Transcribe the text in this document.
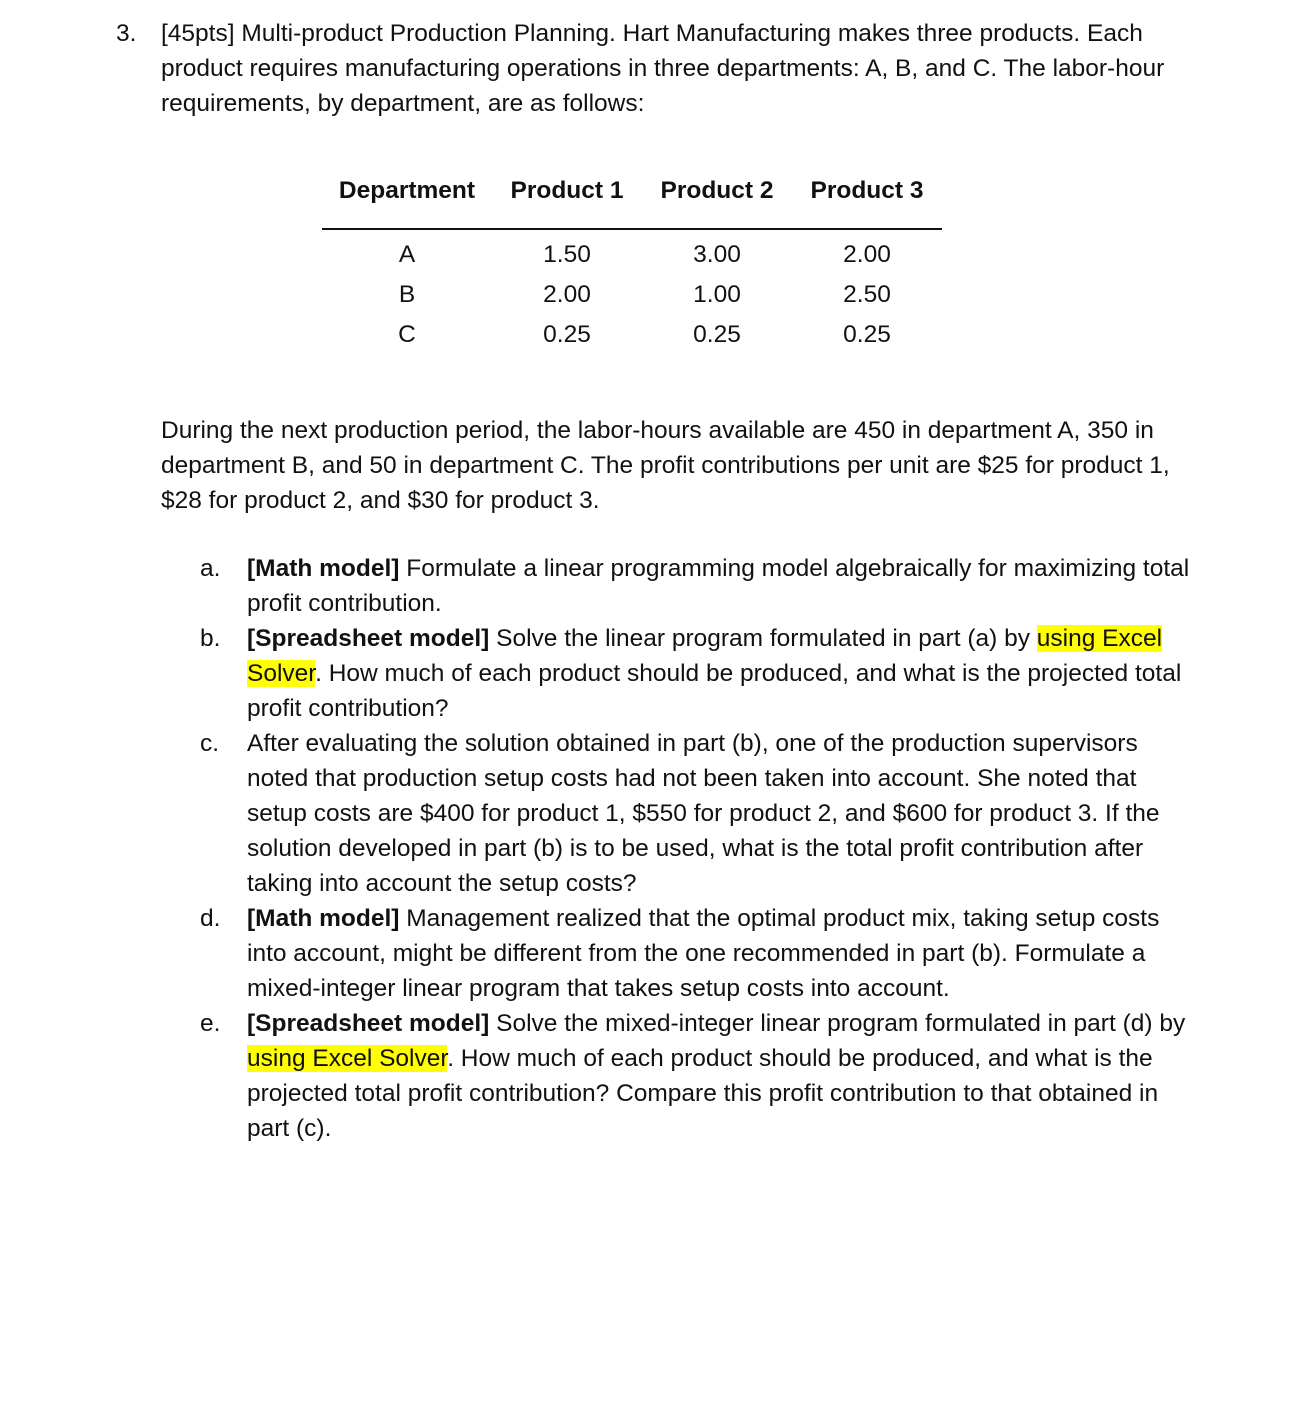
3.	[45pts] Multi-product Production Planning. Hart Manufacturing makes three products. Each product requires manufacturing operations in three departments: A, B, and C. The labor-hour requirements, by department, are as follows:
Department	Product 1	Product 2	Product 3
A	1.50	3.00	2.00
B	2.00	1.00	2.50
C	0.25	0.25	0.25
During the next production period, the labor-hours available are 450 in department A, 350 in department B, and 50 in department C. The profit contributions per unit are $25 for product 1, $28 for product 2, and $30 for product 3.
a.	[Math model] Formulate a linear programming model algebraically for maximizing total profit contribution.
b.	[Spreadsheet model] Solve the linear program formulated in part (a) by using Excel Solver. How much of each product should be produced, and what is the projected total profit contribution?
c.	After evaluating the solution obtained in part (b), one of the production supervisors noted that production setup costs had not been taken into account. She noted that setup costs are $400 for product 1, $550 for product 2, and $600 for product 3. If the solution developed in part (b) is to be used, what is the total profit contribution after taking into account the setup costs?
d.	[Math model] Management realized that the optimal product mix, taking setup costs into account, might be different from the one recommended in part (b). Formulate a mixed-integer linear program that takes setup costs into account.
e.	[Spreadsheet model] Solve the mixed-integer linear program formulated in part (d) by using Excel Solver. How much of each product should be produced, and what is the projected total profit contribution? Compare this profit contribution to that obtained in part (c).
